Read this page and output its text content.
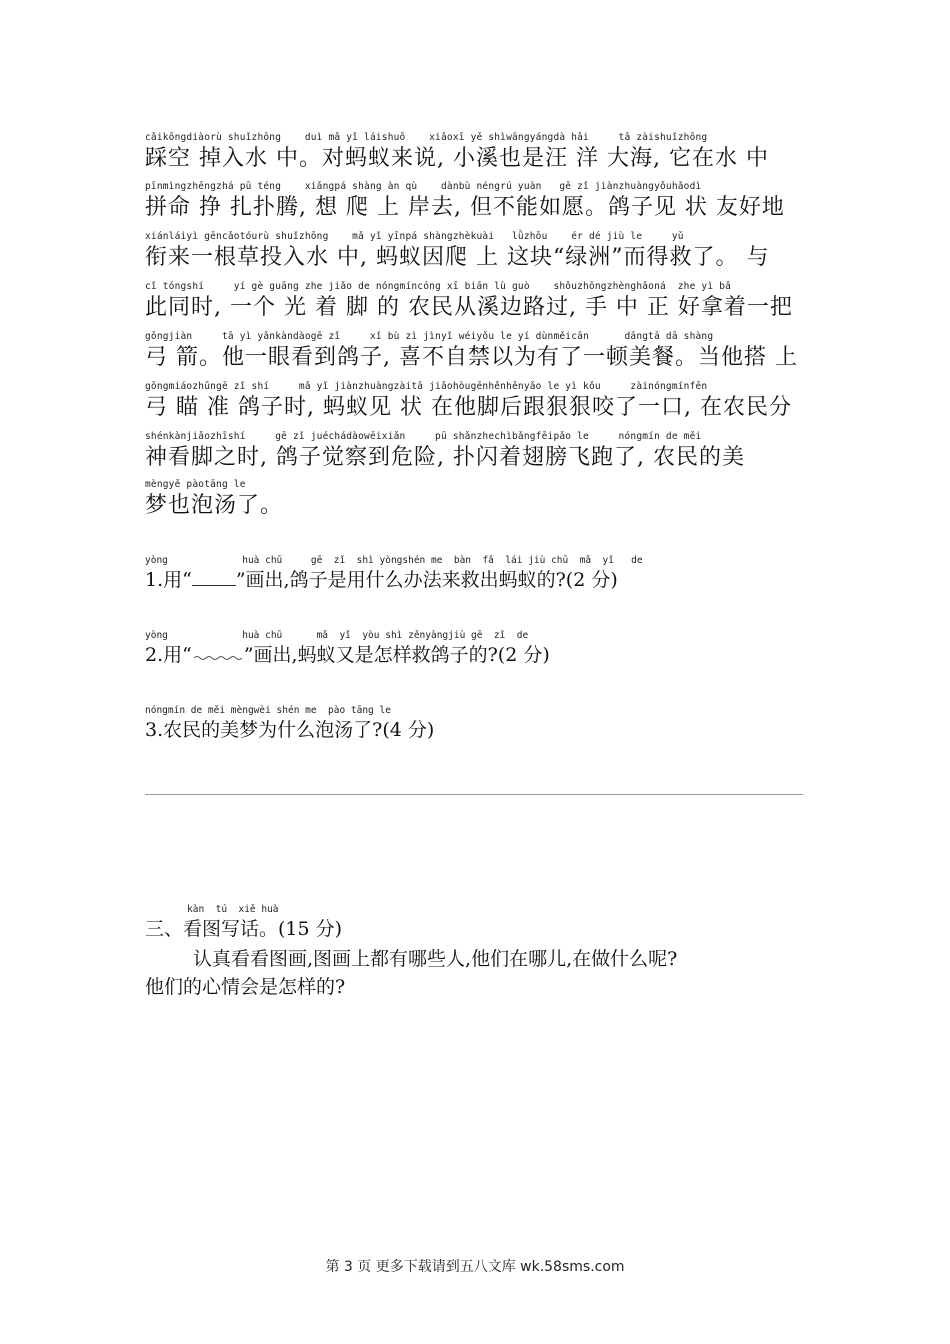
cǎikōngdiàorù shuǐzhōng    duì mǎ yǐ láishuō    xiǎoxī yě shìwāngyángdà hǎi     tā zàishuǐzhōng
踩空 掉入水 中。对蚂蚁来说, 小溪也是汪 洋 大海, 它在水 中
pīnmìngzhēngzhá pū téng    xiǎngpá shàng àn qù    dànbù néngrú yuàn   gē zǐ jiànzhuàngyǒuhǎodì
拼命 挣 扎扑腾, 想 爬 上 岸去, 但不能如愿。鸽子见 状 友好地
xiánláiyì gēncǎotóurù shuǐzhōng    mǎ yǐ yīnpá shàngzhèkuài   lǜzhōu    ér dé jiù le     yǔ
衔来一根草投入水 中, 蚂蚁因爬 上 这块“绿洲”而得救了。 与
cǐ tóngshí     yí gè guāng zhe jiǎo de nóngmíncóng xī biān lù guò    shǒuzhōngzhènghǎoná  zhe yì bǎ
此同时, 一个 光 着 脚 的 农民从溪边路过, 手 中 正 好拿着一把
gōngjiàn     tā yì yǎnkàndàogē zǐ     xǐ bù zì jìnyǐ wéiyǒu le yí dùnměicān      dāngtā dā shàng
弓 箭。他一眼看到鸽子, 喜不自禁以为有了一顿美餐。当他搭 上
gōngmiáozhǔngē zǐ shí     mǎ yǐ jiànzhuàngzàitā jiǎohòugēnhěnhěnyǎo le yì kǒu     zàinóngmínfēn
弓 瞄 准 鸽子时, 蚂蚁见 状 在他脚后跟狠狠咬了一口, 在农民分
shénkànjiǎozhīshí     gē zǐ juéchádàowēixiǎn     pū shǎnzhechìbǎngfēipǎo le     nóngmín de měi
神看脚之时, 鸽子觉察到危险, 扑闪着翅膀飞跑了, 农民的美
mèngyě pàotāng le
梦也泡汤了。
yòng             huà chū     gē  zǐ  shì yòngshén me  bàn  fǎ  lái jiù chū  mǎ  yǐ   de
1.用“ ”画出,鸽子是用什么办法来救出蚂蚁的?(2 分)
yòng             huà chū      mǎ  yǐ  yòu shì zěnyàngjiù gē  zǐ  de
2.用“	”画出,蚂蚁又是怎样救鸽子的?(2 分)
nóngmín de měi mèngwèi shén me  pào tāng le
3.农民的美梦为什么泡汤了?(4 分)
kàn  tú  xiě huà
三、看图写话。(15 分)
认真看看图画,图画上都有哪些人,他们在哪儿,在做什么呢?
他们的心情会是怎样的?
第 3 页 更多下载请到五八文库 wk.58sms.com
